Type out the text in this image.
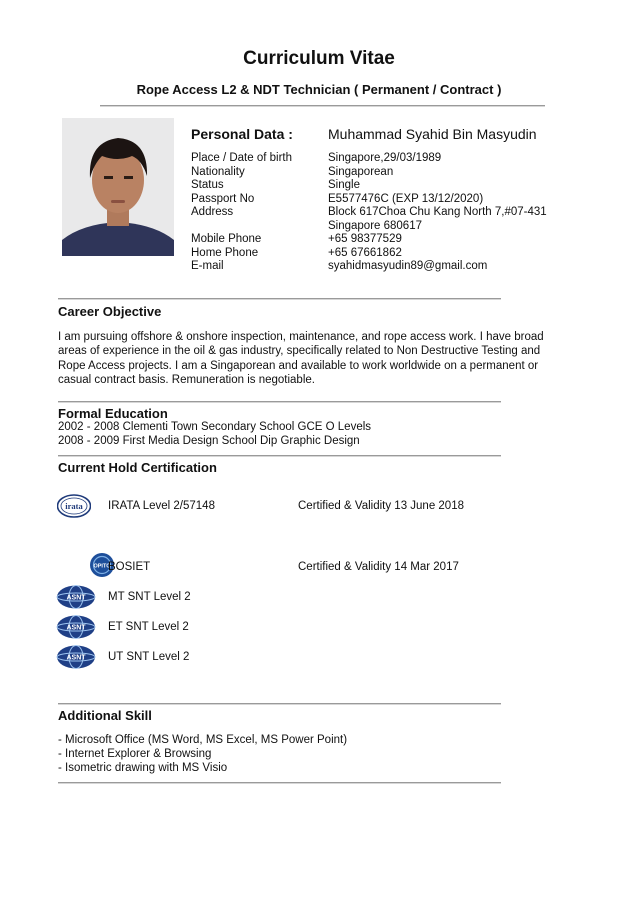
Curriculum Vitae
Rope Access L2 & NDT Technician ( Permanent / Contract )
Personal Data :	Muhammad Syahid Bin Masyudin
Place / Date of birth	Singapore,29/03/1989
Nationality	Singaporean
Status	Single
Passport No	E5577476C (EXP 13/12/2020)
Address	Block 617Choa Chu Kang North 7,#07-431
Singapore 680617
Mobile Phone	+65 98377529
Home Phone	+65 67661862
E-mail	syahidmasyudin89@gmail.com
Career Objective
I am pursuing offshore & onshore inspection, maintenance, and rope access work. I have broad
areas of experience in the oil & gas industry, specifically related to Non Destructive Testing and
Rope Access projects. I am a Singaporean and available to work worldwide on a permanent or
casual contract basis. Remuneration is negotiable.
Formal Education
2002 - 2008 Clementi Town Secondary School GCE O Levels
2008 - 2009 First Media Design School Dip Graphic Design
Current Hold Certification
irata IRATA Level 2/57148	Certified & Validity 13 June 2018
OPITO
BOSIET	Certified & Validity 14 Mar 2017
ASNT MT SNT Level 2
ASNT ET SNT Level 2
ASNT UT SNT Level 2
Additional Skill
- Microsoft Office (MS Word, MS Excel, MS Power Point)
- Internet Explorer & Browsing
- Isometric drawing with MS Visio
